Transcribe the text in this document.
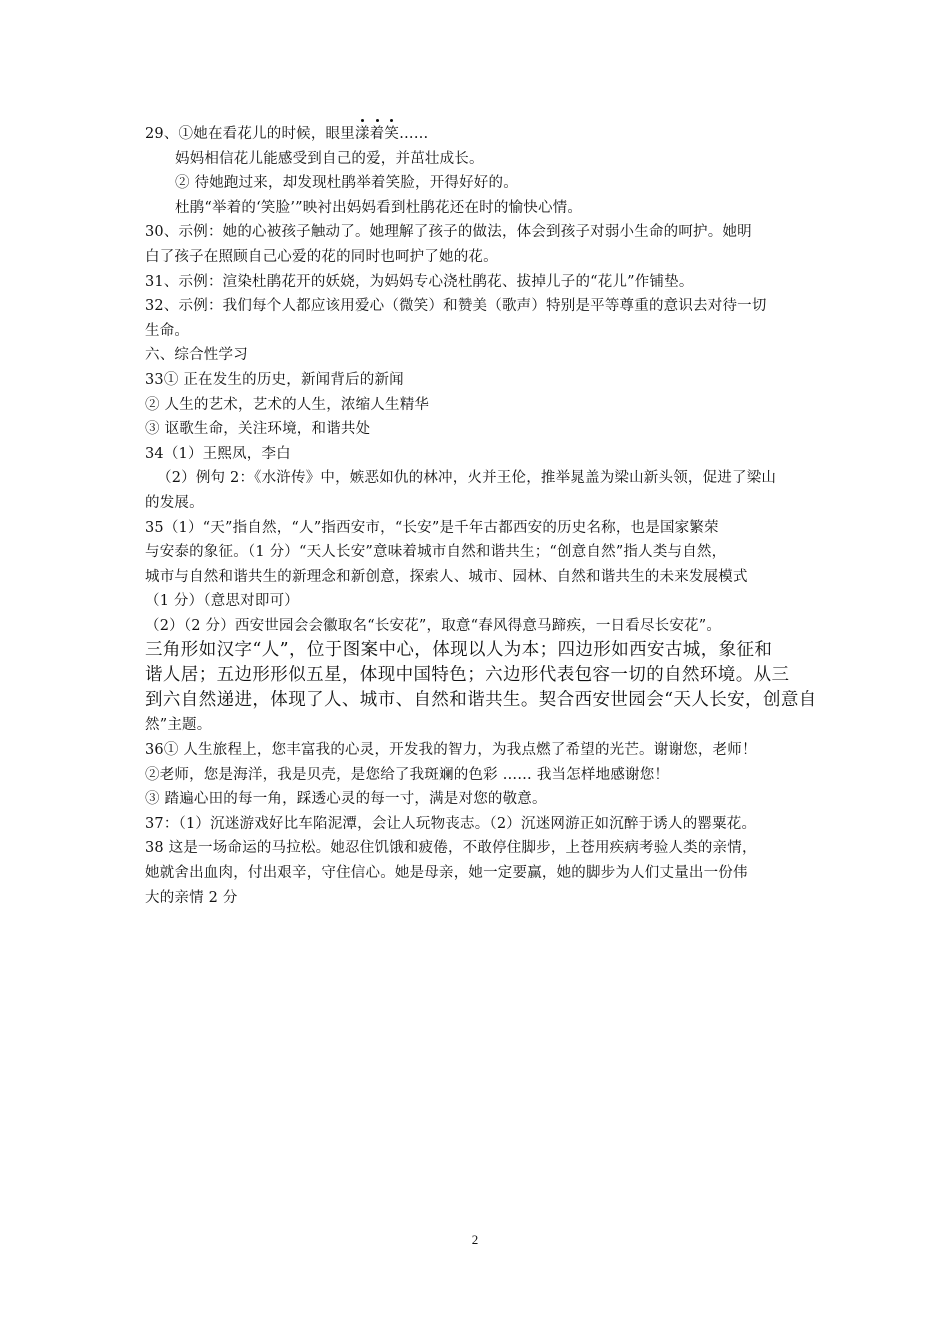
29、①她在看花儿的时候，眼里漾着笑……
妈妈相信花儿能感受到自己的爱，并茁壮成长。
② 待她跑过来，却发现杜鹃举着笑脸，开得好好的。
杜鹃“举着的‘笑脸’”映衬出妈妈看到杜鹃花还在时的愉快心情。
30、示例：她的心被孩子触动了。她理解了孩子的做法，体会到孩子对弱小生命的呵护。她明
白了孩子在照顾自己心爱的花的同时也呵护了她的花。
31、示例：渲染杜鹃花开的妖娆，为妈妈专心浇杜鹃花、拔掉儿子的“花儿”作铺垫。
32、示例：我们每个人都应该用爱心（微笑）和赞美（歌声）特别是平等尊重的意识去对待一切
生命。
六、综合性学习
33① 正在发生的历史，新闻背后的新闻
② 人生的艺术，艺术的人生，浓缩人生精华
③ 讴歌生命，关注环境，和谐共处
34（1）王熙凤，李白
（2）例句 2：《水浒传》中，嫉恶如仇的林冲，火并王伦，推举晁盖为梁山新头领，促进了梁山
的发展。
35（1）“天”指自然，“人”指西安市，“长安”是千年古都西安的历史名称，也是国家繁荣
与安泰的象征。（1 分）“天人长安”意味着城市自然和谐共生；“创意自然”指人类与自然，
城市与自然和谐共生的新理念和新创意，探索人、城市、园林、自然和谐共生的未来发展模式
（1 分）（意思对即可）
（2）（2 分）西安世园会会徽取名“长安花”，取意“春风得意马蹄疾，一日看尽长安花”。
三角形如汉字“人”，位于图案中心，体现以人为本；四边形如西安古城，象征和
谐人居；五边形形似五星，体现中国特色；六边形代表包容一切的自然环境。从三
到六自然递进，体现了人、城市、自然和谐共生。契合西安世园会“天人长安，创意自
然”主题。
36① 人生旅程上，您丰富我的心灵，开发我的智力，为我点燃了希望的光芒。谢谢您，老师！
②老师，您是海洋，我是贝壳，是您给了我斑斓的色彩 …… 我当怎样地感谢您！
③ 踏遍心田的每一角，踩透心灵的每一寸，满是对您的敬意。
37：（1）沉迷游戏好比车陷泥潭，会让人玩物丧志。（2）沉迷网游正如沉醉于诱人的罂粟花。
38 这是一场命运的马拉松。她忍住饥饿和疲倦，不敢停住脚步，上苍用疾病考验人类的亲情，
她就舍出血肉，付出艰辛，守住信心。她是母亲，她一定要赢，她的脚步为人们丈量出一份伟
大的亲情 2 分
2
